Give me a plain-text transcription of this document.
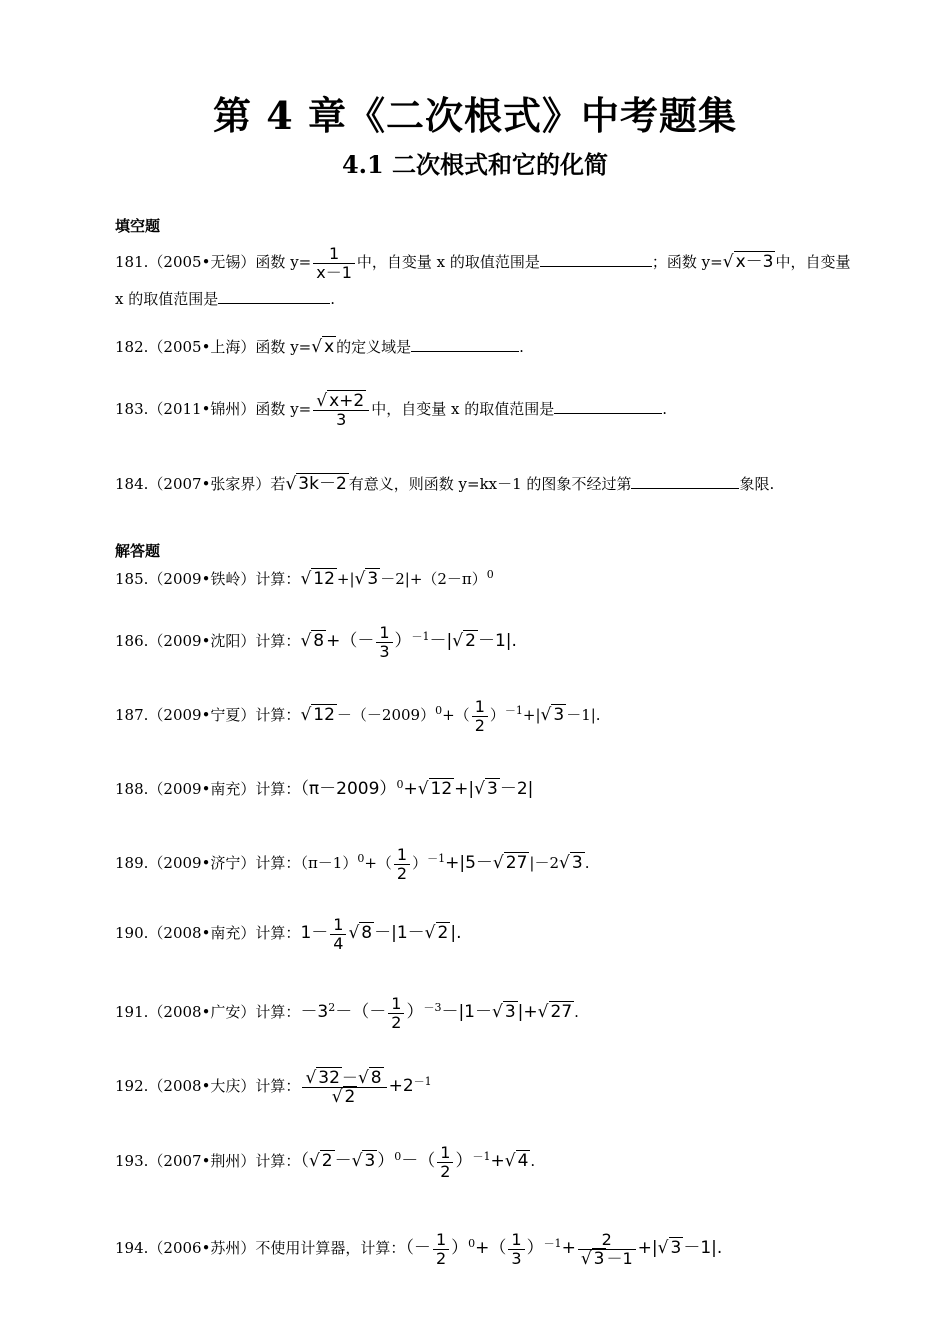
第 4 章《二次根式》中考题集
4.1 二次根式和它的化简
填空题
181.（2005•无锡）函数 $y= \frac{1}{x-1}$ 中，自变量 x 的取值范围是	；函数 y=√ x－3 中，自变量
x 的取值范围是	.
182.（2005•上海）函数 y=√ x 的定义域是	.
183.（2011•锦州）函数 $y= \frac{√ x+2}{3}$ 中，自变量 x 的取值范围是	.
184.（2007•张家界）若√ 3k－2 有意义，则函数 y=kx－1 的图象不经过第	象限.
解答题
185.（2009•铁岭）计算：√ 12 +|√ $3 -2|+(2-\pi)^0$
186.（2009•沈阳）计算：√ 8 +（－ $\frac{1}{3} )^{-1}-|√$ 2 －1|.
187.（2009•宁夏）计算：√ $12 -(-2009)^0+( \frac{1}{2} )^{-1}+|√$ 3 －1|.
188.（2009•南充）计算：$(\pi-2009)^0+√$ 12 +|√ 3 －2|
189.（2009•济宁）计算：$(\pi-1)^0+( \frac{1}{2} )^{-1}+|5-√$ 27 |－2√ 3 .
190.（2008•南充）计算：$1- \frac{1}{4}$ √ 8 －|1－√ 2 |.
191.（2008•广安）计算：$-3^2-(- \frac{1}{2} )^{-3}-|1-√$ 3 |+√ 27 .
192.（2008•大庆）计算： $\frac{√ 32 -√ 8}{√ 2} +2^{-1}$
193.（2007•荆州）计算：（√ 2 －√ 3 ）$^0-( \frac{1}{2} )^{-1}+√$ 4 .
194.（2006•苏州）不使用计算器，计算：（－ $\frac{1}{2} )^0+( \frac{1}{3} )^{-1}+ \frac{2}{√ 3 -1}$ +|√ 3 －1|.
